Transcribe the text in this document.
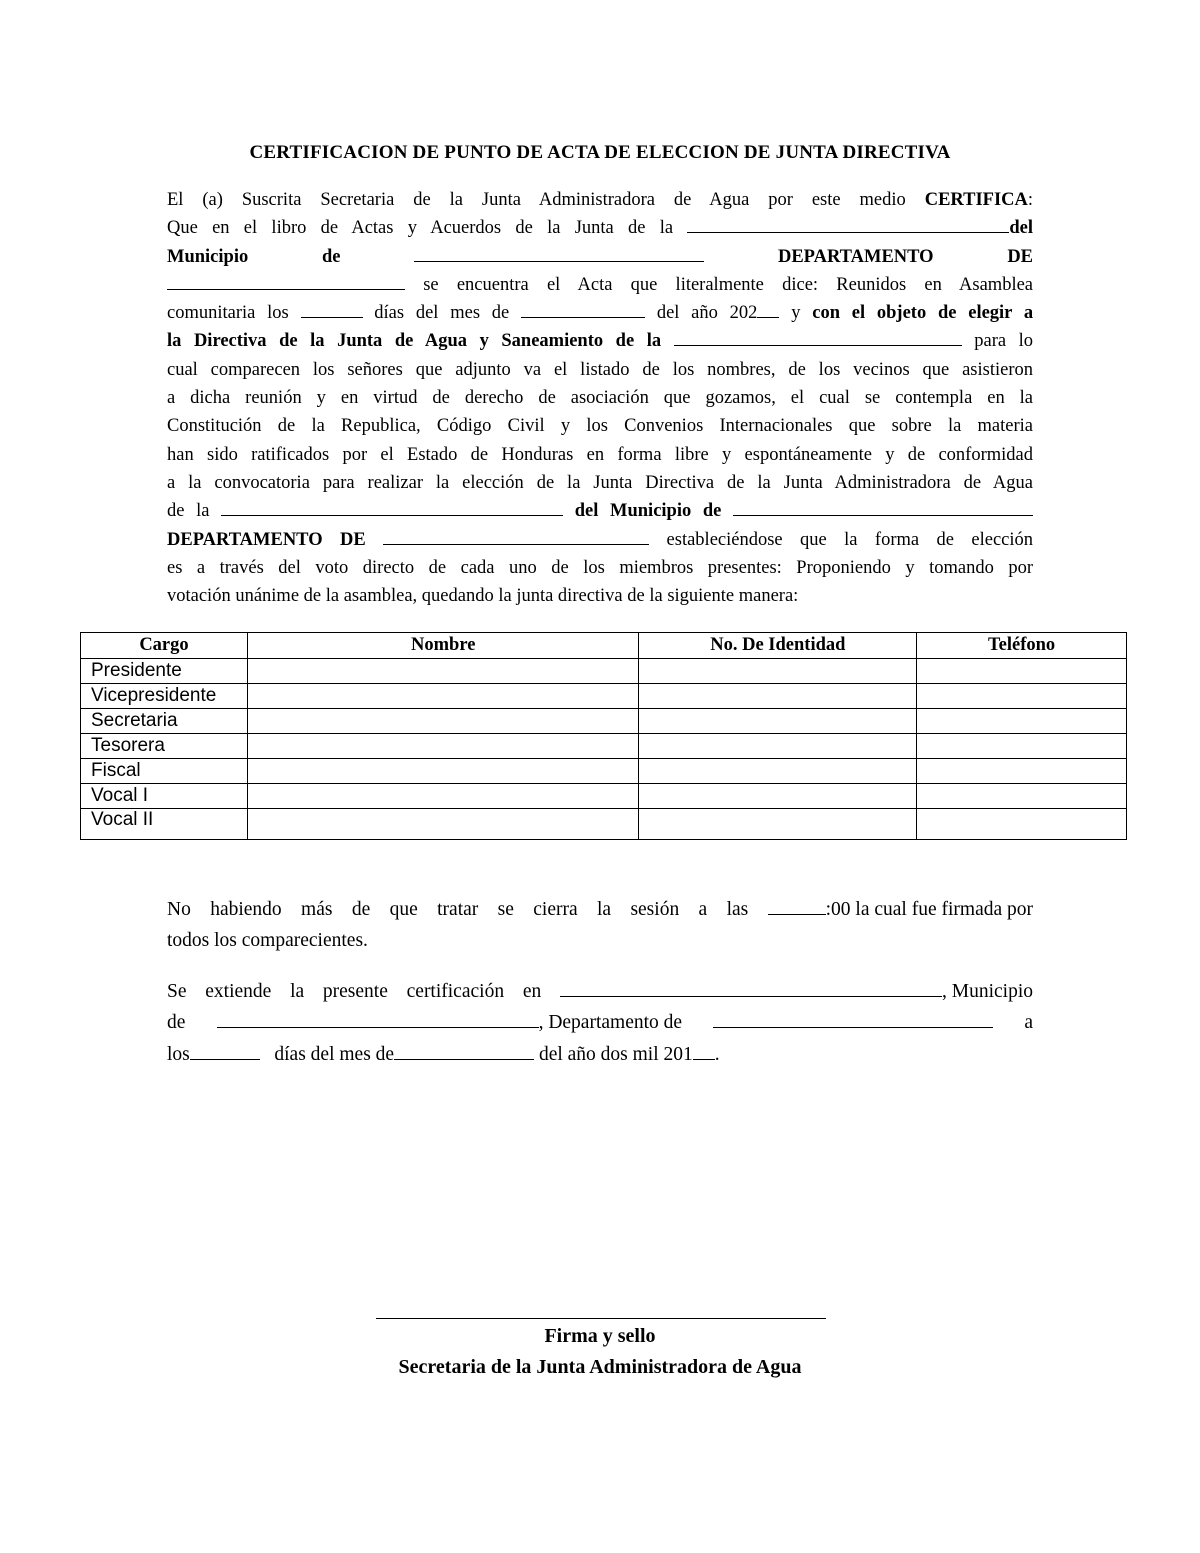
CERTIFICACION DE PUNTO DE ACTA DE ELECCION DE JUNTA DIRECTIVA
El (a) Suscrita Secretaria de la Junta Administradora de Agua por este medio CERTIFICA:
Que en el libro de Actas y Acuerdos de la Junta de la	del
Municipio	de	DEPARTAMENTO	DE
se encuentra el Acta que literalmente dice: Reunidos en Asamblea
comunitaria los	días del mes de	del año 202 y con el objeto de elegir a
la Directiva de la Junta de Agua y Saneamiento de la	para lo
cual comparecen los señores que adjunto va el listado de los nombres, de los vecinos que asistieron
a dicha reunión y en virtud de derecho de asociación que gozamos, el cual se contempla en la
Constitución de la Republica, Código Civil y los Convenios Internacionales que sobre la materia
han sido ratificados por el Estado de Honduras en forma libre y espontáneamente y de conformidad
a la convocatoria para realizar la elección de la Junta Directiva de la Junta Administradora de Agua
de la	del Municipio de
DEPARTAMENTO DE	estableciéndose que la forma de elección
es a través del voto directo de cada uno de los miembros presentes: Proponiendo y tomando por
votación unánime de la asamblea, quedando la junta directiva de la siguiente manera:
Cargo	Nombre	No. De Identidad	Teléfono
Presidente			
Vicepresidente			
Secretaria			
Tesorera			
Fiscal			
Vocal I			
Vocal II			
No habiendo más de que tratar se cierra la sesión a las	:00 la cual fue firmada por
todos los comparecientes.
Se extiende la presente certificación en	, Municipio
de	, Departamento de	a
los	días del mes de	del año dos mil 201 .
Firma y sello
Secretaria de la Junta Administradora de Agua
